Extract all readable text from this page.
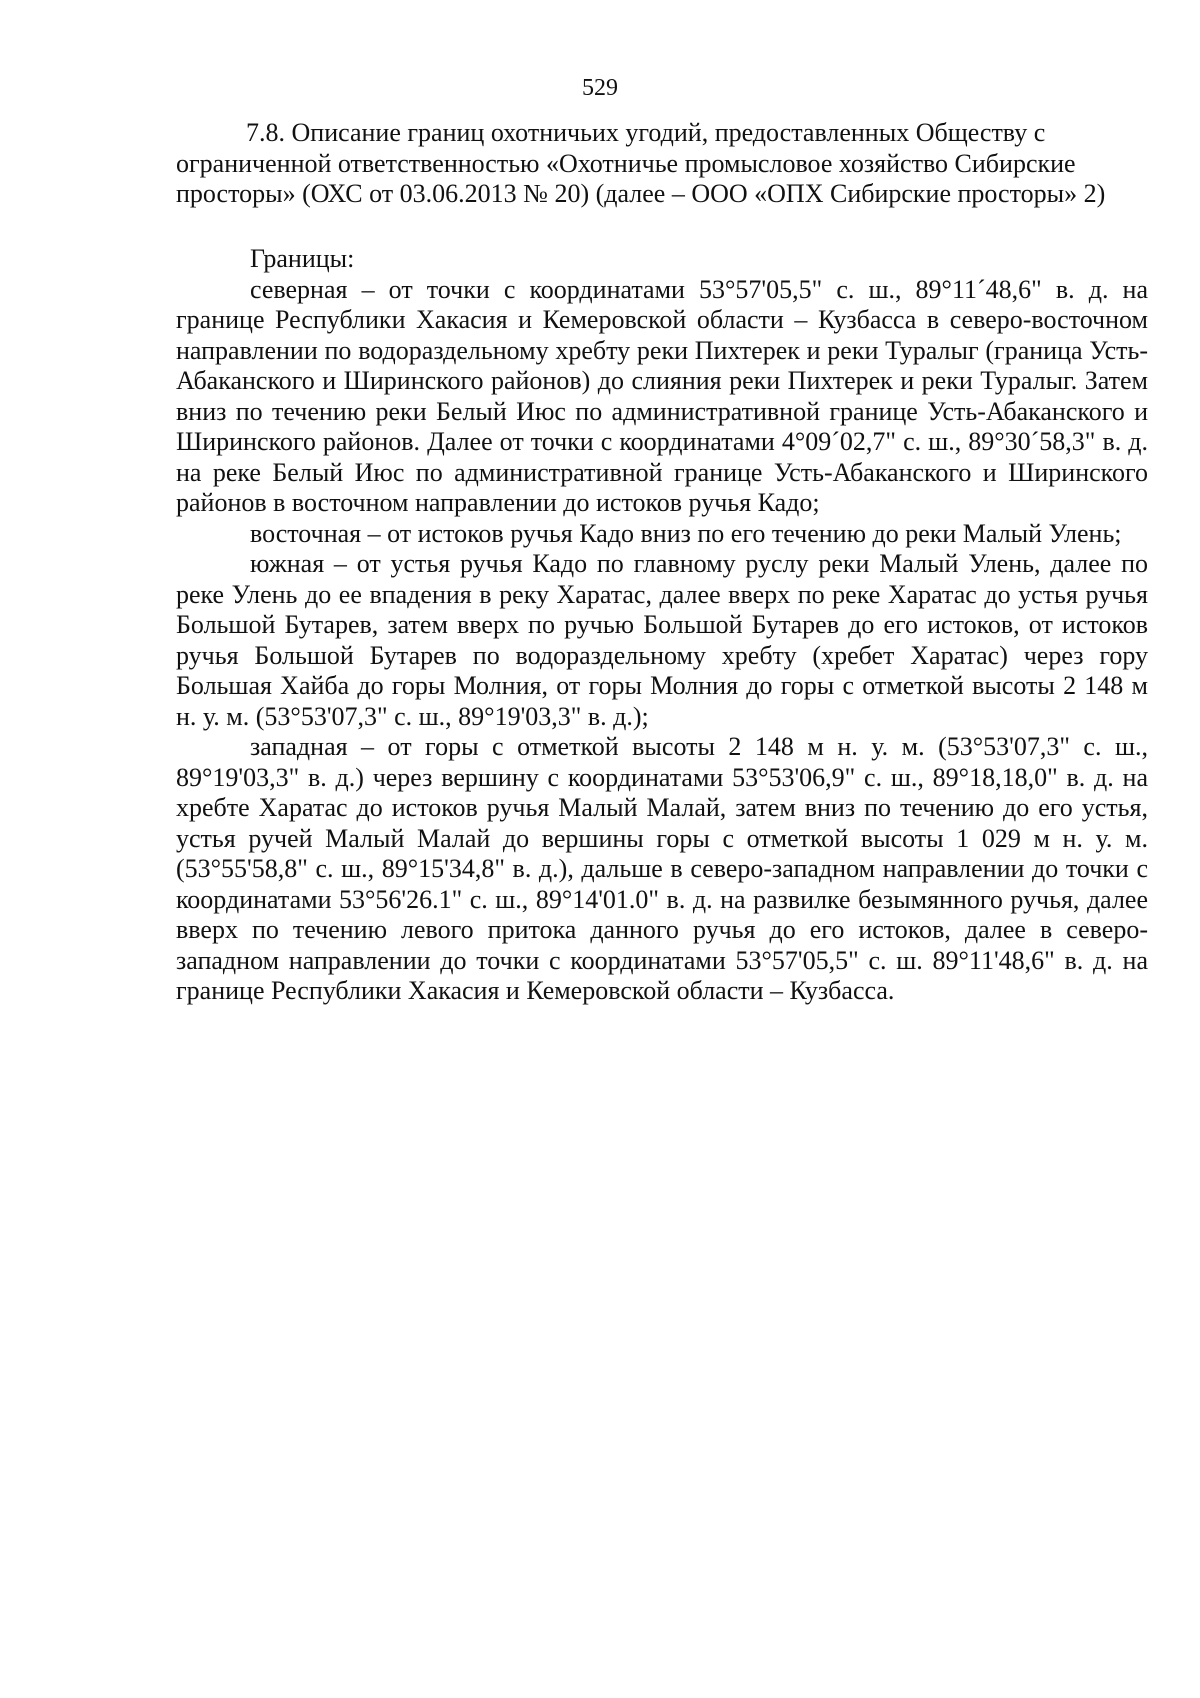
529
7.8. Описание границ охотничьих угодий, предоставленных Обществу с ограниченной ответственностью «Охотничье промысловое хозяйство Сибирские просторы» (ОХС от 03.06.2013 № 20) (далее – ООО «ОПХ Сибирские просторы» 2)

Границы:

северная – от точки с координатами 53°57'05,5" с. ш., 89°11´48,6" в. д. на границе Республики Хакасия и Кемеровской области – Кузбасса в северо-восточном направлении по водораздельному хребту реки Пихтерек и реки Туралыг (граница Усть-Абаканского и Ширинского районов) до слияния реки Пихтерек и реки Туралыг. Затем вниз по течению реки Белый Июс по административной границе Усть-Абаканского и Ширинского районов. Далее от точки с координатами 4°09´02,7" с. ш., 89°30´58,3" в. д. на реке Белый Июс по административной границе Усть-Абаканского и Ширинского районов в восточном направлении до истоков ручья Кадо;

восточная – от истоков ручья Кадо вниз по его течению до реки Малый Улень;

южная – от устья ручья Кадо по главному руслу реки Малый Улень, далее по реке Улень до ее впадения в реку Харатас, далее вверх по реке Харатас до устья ручья Большой Бутарев, затем вверх по ручью Большой Бутарев до его истоков, от истоков ручья Большой Бутарев по водораздельному хребту (хребет Харатас) через гору Большая Хайба до горы Молния, от горы Молния до горы с отметкой высоты 2 148 м н. у. м. (53°53'07,3" с. ш., 89°19'03,3" в. д.);

западная – от горы с отметкой высоты 2 148 м н. у. м. (53°53'07,3" с. ш., 89°19'03,3" в. д.) через вершину с координатами 53°53'06,9" с. ш., 89°18,18,0" в. д. на хребте Харатас до истоков ручья Малый Малай, затем вниз по течению до его устья, устья ручей Малый Малай до вершины горы с отметкой высоты 1 029 м н. у. м. (53°55'58,8" с. ш., 89°15'34,8" в. д.), дальше в северо-западном направлении до точки с координатами 53°56'26.1" с. ш., 89°14'01.0" в. д. на развилке безымянного ручья, далее вверх по течению левого притока данного ручья до его истоков, далее в северо-западном направлении до точки с координатами 53°57'05,5" с. ш. 89°11'48,6" в. д. на границе Республики Хакасия и Кемеровской области – Кузбасса.
